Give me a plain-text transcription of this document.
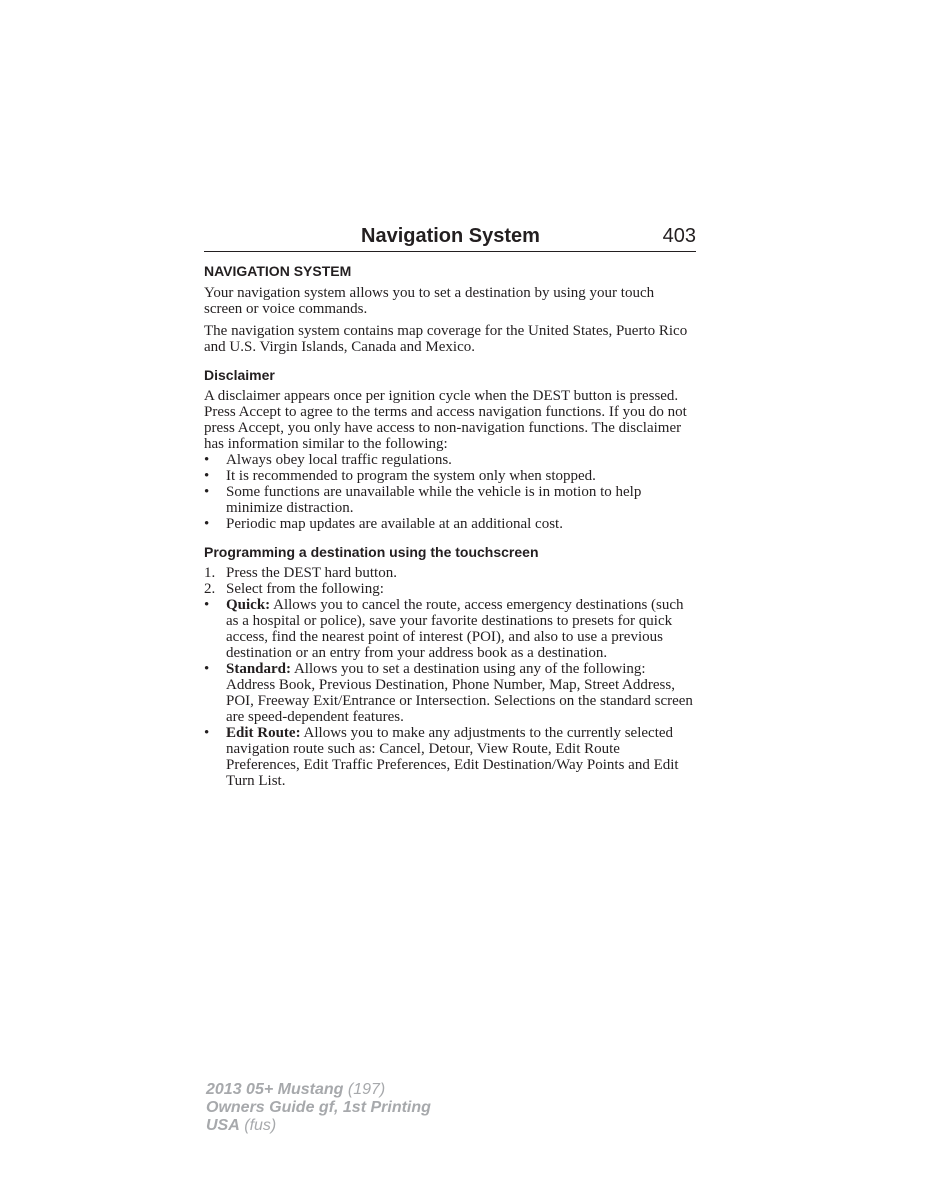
Navigation System	403
NAVIGATION SYSTEM

Your navigation system allows you to set a destination by using your touch screen or voice commands.

The navigation system contains map coverage for the United States, Puerto Rico and U.S. Virgin Islands, Canada and Mexico.

Disclaimer

A disclaimer appears once per ignition cycle when the DEST button is pressed. Press Accept to agree to the terms and access navigation functions. If you do not press Accept, you only have access to non-navigation functions. The disclaimer has information similar to the following:

•	Always obey local traffic regulations.
•	It is recommended to program the system only when stopped.
•	Some functions are unavailable while the vehicle is in motion to help minimize distraction.
•	Periodic map updates are available at an additional cost.
Programming a destination using the touchscreen
1. Press the DEST hard button.
2. Select from the following:
•	Quick: Allows you to cancel the route, access emergency destinations (such as a hospital or police), save your favorite destinations to presets for quick access, find the nearest point of interest (POI), and also to use a previous destination or an entry from your address book as a destination.
•	Standard: Allows you to set a destination using any of the following: Address Book, Previous Destination, Phone Number, Map, Street Address, POI, Freeway Exit/Entrance or Intersection. Selections on the standard screen are speed-dependent features.
•	Edit Route: Allows you to make any adjustments to the currently selected navigation route such as: Cancel, Detour, View Route, Edit Route Preferences, Edit Traffic Preferences, Edit Destination/Way Points and Edit Turn List.
2013 05+ Mustang (197)
Owners Guide gf, 1st Printing
USA (fus)
